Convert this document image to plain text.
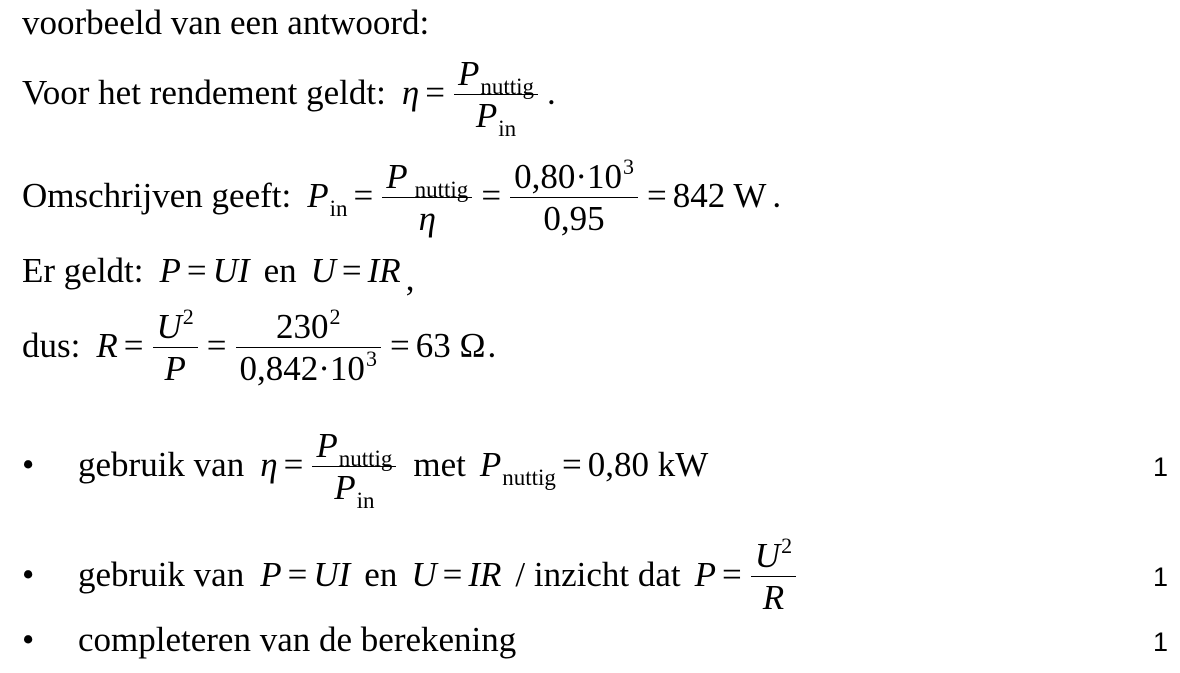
voorbeeld van een antwoord:
Voor het rendement geldt: $\eta = \frac{P_{nuttig}}{P_{in}}$ .
Omschrijven geeft: $P_{in} = \frac{P _{nuttig}}{\eta} = \frac{0,80\cdot 10^3}{0,95} = 842$ W .
Er geldt: P = UI en U = IR ,
dus: $R = \frac{U^2}{P} = \frac{230^2}{0,842\cdot 10^3} = 63$ Ω .
•	gebruik van $\eta = \frac{P_{nuttig}}{P_{in}}$ met $P_{nuttig} = 0,80$ kW	1
•	gebruik van P = UI en U = IR / inzicht dat $P = \frac{U^2}{R}$	1
•	completeren van de berekening	1
